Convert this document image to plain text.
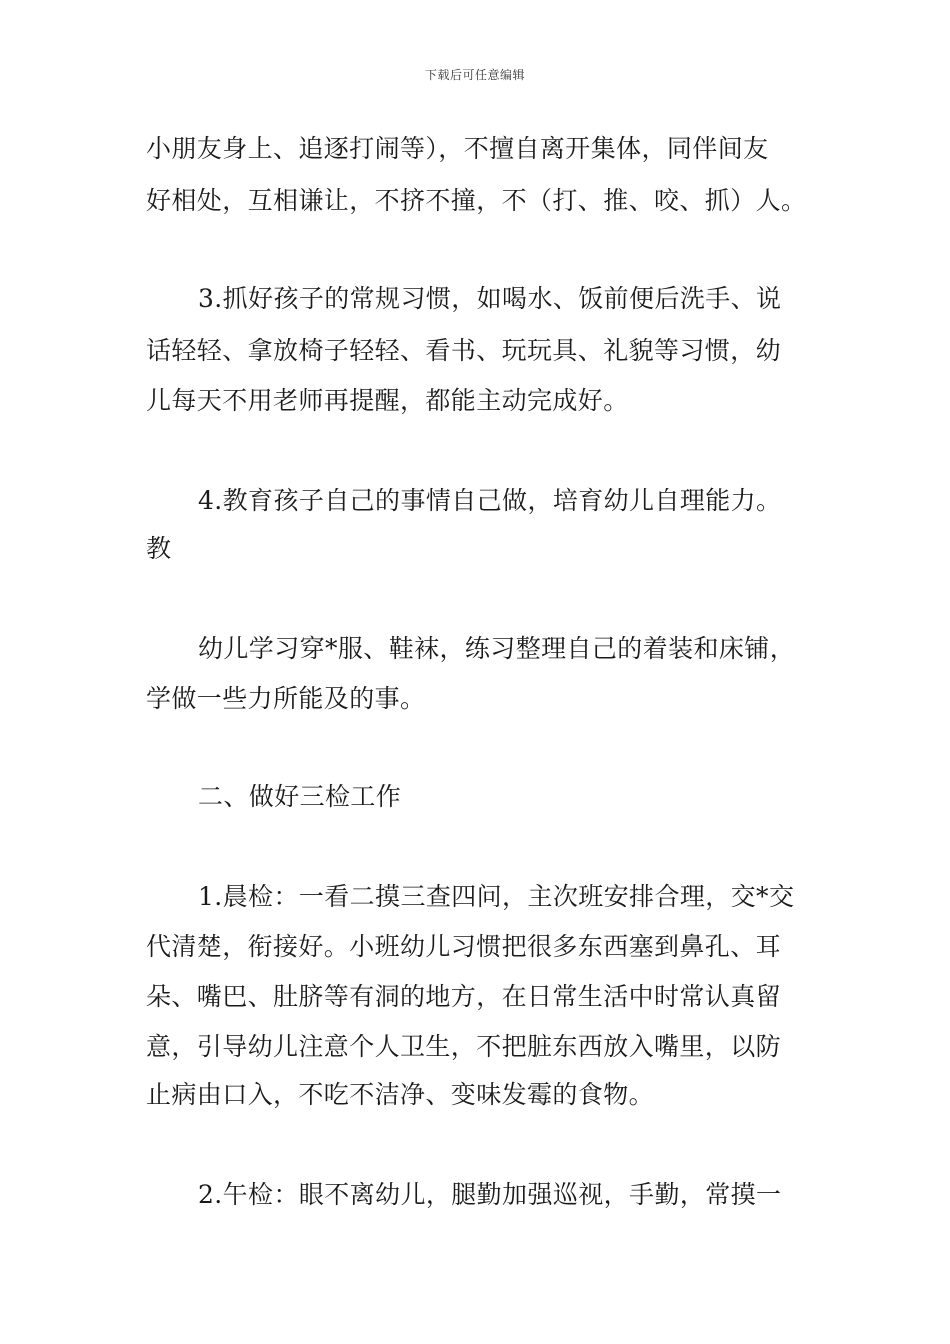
下载后可任意编辑
小朋友身上、追逐打闹等），不擅自离开集体，同伴间友
好相处，互相谦让，不挤不撞，不（打、推、咬、抓）人。
3.抓好孩子的常规习惯，如喝水、饭前便后洗手、说
话轻轻、拿放椅子轻轻、看书、玩玩具、礼貌等习惯，幼
儿每天不用老师再提醒，都能主动完成好。
4.教育孩子自己的事情自己做，培育幼儿自理能力。
教
幼儿学习穿*服、鞋袜，练习整理自己的着装和床铺，
学做一些力所能及的事。
二、做好三检工作
1.晨检：一看二摸三查四问，主次班安排合理，交*交
代清楚，衔接好。小班幼儿习惯把很多东西塞到鼻孔、耳
朵、嘴巴、肚脐等有洞的地方，在日常生活中时常认真留
意，引导幼儿注意个人卫生，不把脏东西放入嘴里，以防
止病由口入，不吃不洁净、变味发霉的食物。
2.午检：眼不离幼儿，腿勤加强巡视，手勤，常摸一
